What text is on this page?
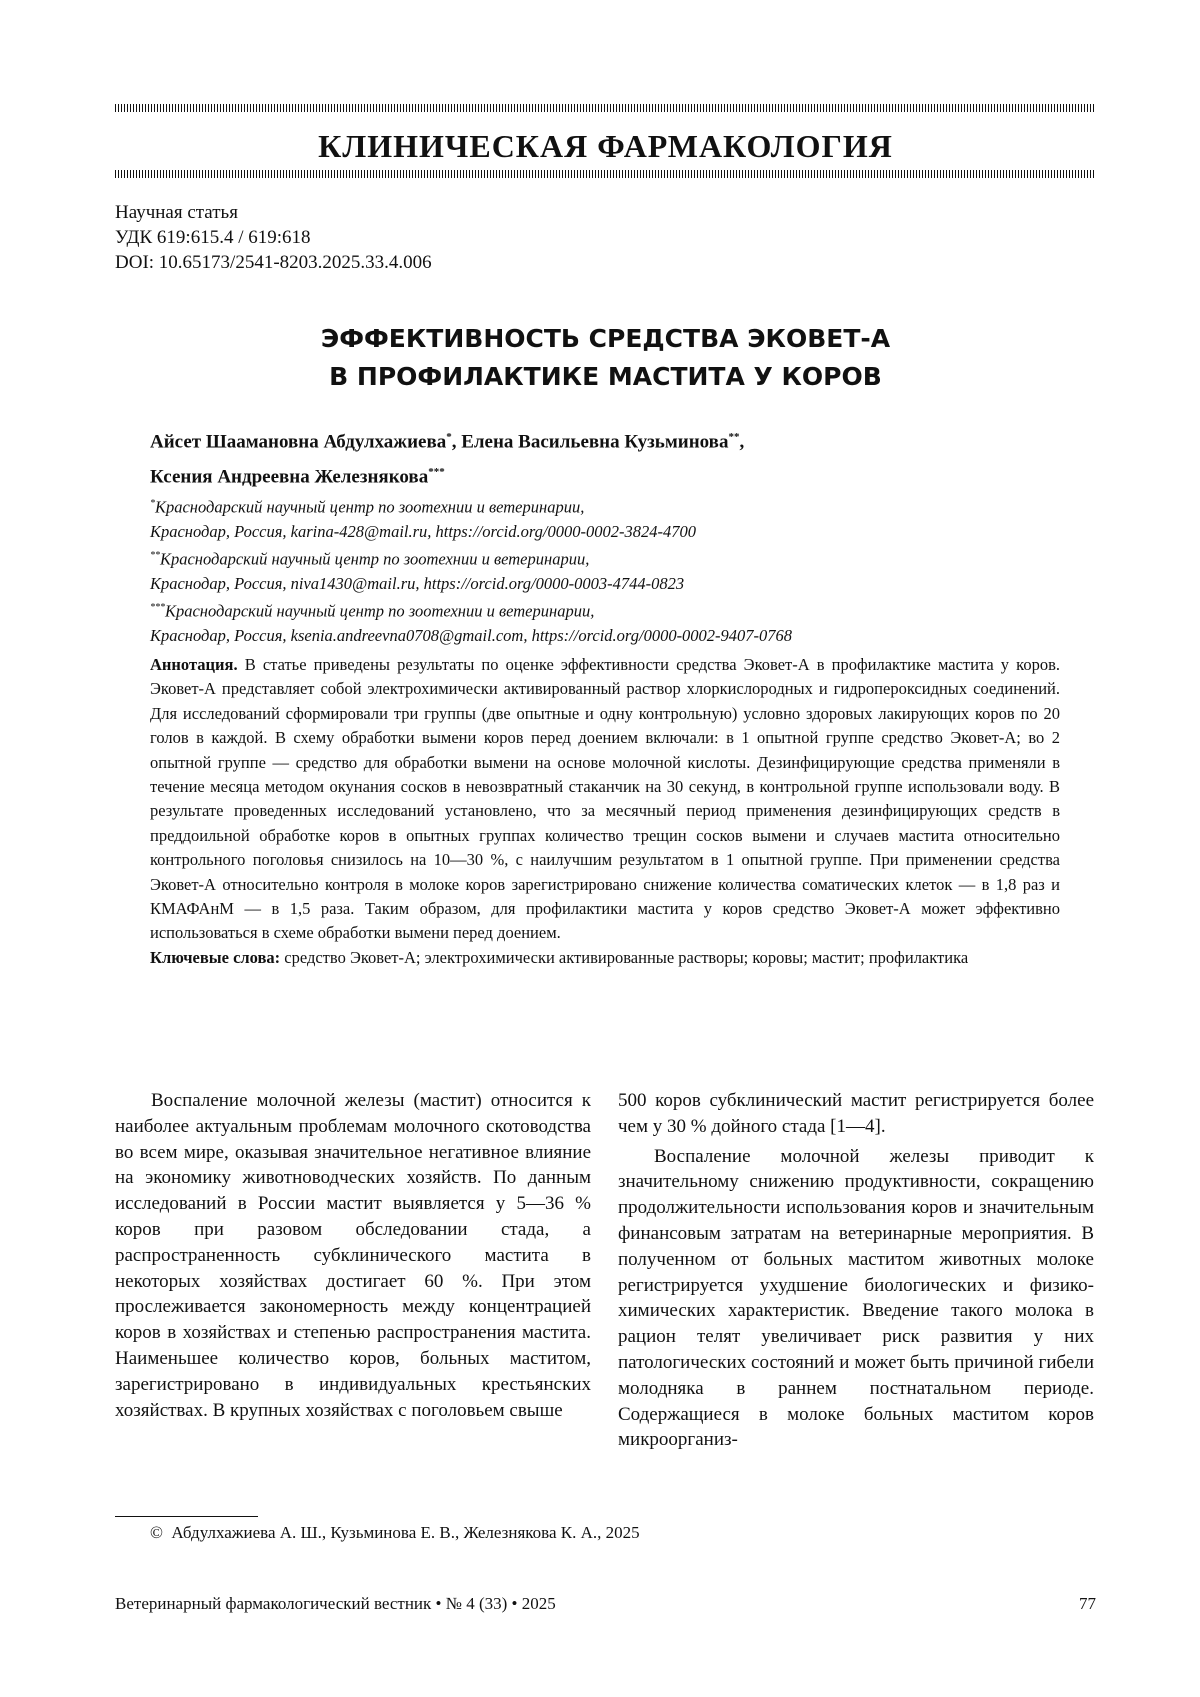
КЛИНИЧЕСКАЯ ФАРМАКОЛОГИЯ
Научная статья
УДК 619:615.4 / 619:618
DOI: 10.65173/2541-8203.2025.33.4.006
ЭФФЕКТИВНОСТЬ СРЕДСТВА ЭКОВЕТ-А
В ПРОФИЛАКТИКЕ МАСТИТА У КОРОВ
Айсет Шаамановна Абдулхажиева*, Елена Васильевна Кузьминова**,
Ксения Андреевна Железнякова***
*Краснодарский научный центр по зоотехнии и ветеринарии,
Краснодар, Россия, karina-428@mail.ru, https://orcid.org/0000-0002-3824-4700
**Краснодарский научный центр по зоотехнии и ветеринарии,
Краснодар, Россия, niva1430@mail.ru, https://orcid.org/0000-0003-4744-0823
***Краснодарский научный центр по зоотехнии и ветеринарии,
Краснодар, Россия, ksenia.andreevna0708@gmail.com, https://orcid.org/0000-0002-9407-0768

Аннотация. В статье приведены результаты по оценке эффективности средства Эковет-А в профилактике мастита у коров. Эковет-А представляет собой электрохимически активированный раствор хлоркислородных и гидропероксидных соединений. Для исследований сформировали три группы (две опытные и одну контрольную) условно здоровых лакирующих коров по 20 голов в каждой. В схему обработки вымени коров перед доением включали: в 1 опытной группе средство Эковет-А; во 2 опытной группе — средство для обработки вымени на основе молочной кислоты. Дезинфицирующие средства применяли в течение месяца методом окунания сосков в невозвратный стаканчик на 30 секунд, в контрольной группе использовали воду. В результате проведенных исследований установлено, что за месячный период применения дезинфицирующих средств в преддоильной обработке коров в опытных группах количество трещин сосков вымени и случаев мастита относительно контрольного поголовья снизилось на 10—30 %, с наилучшим результатом в 1 опытной группе. При применении средства Эковет-А относительно контроля в молоке коров зарегистрировано снижение количества соматических клеток — в 1,8 раз и КМАФАнМ — в 1,5 раза. Таким образом, для профилактики мастита у коров средство Эковет-А может эффективно использоваться в схеме обработки вымени перед доением.

Ключевые слова: средство Эковет-А; электрохимически активированные растворы; коровы; мастит; профилактика

Воспаление молочной железы (мастит) относится к наиболее актуальным проблемам молочного скотоводства во всем мире, оказывая значительное негативное влияние на экономику животноводческих хозяйств. По данным исследований в России мастит выявляется у 5—36 % коров при разовом обследовании стада, а распространенность субклинического мастита в некоторых хозяйствах достигает 60 %. При этом прослеживается закономерность между концентрацией коров в хозяйствах и степенью распространения мастита. Наименьшее количество коров, больных маститом, зарегистрировано в индивидуальных крестьянских хозяйствах. В крупных хозяйствах с поголовьем свыше

500 коров субклинический мастит регистрируется более чем у 30 % дойного стада [1—4].

Воспаление молочной железы приводит к значительному снижению продуктивности, сокращению продолжительности использования коров и значительным финансовым затратам на ветеринарные мероприятия. В полученном от больных маститом животных молоке регистрируется ухудшение биологических и физико-химических характеристик. Введение такого молока в рацион телят увеличивает риск развития у них патологических состояний и может быть причиной гибели молодняка в раннем постнатальном периоде. Содержащиеся в молоке больных маститом коров микроорганиз-

©  Абдулхажиева А. Ш., Кузьминова Е. В., Железнякова К. А., 2025
Ветеринарный фармакологический вестник • № 4 (33) • 2025	77
